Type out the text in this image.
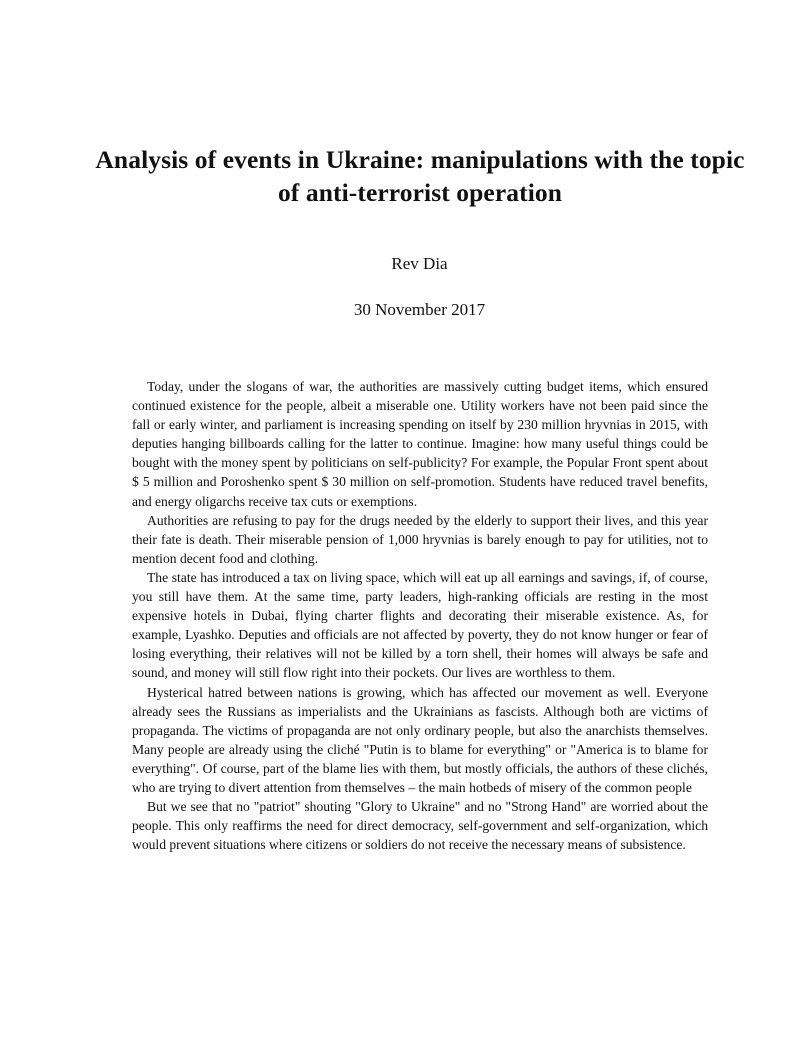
Analysis of events in Ukraine: manipulations with the topic of anti-terrorist operation
Rev Dia
30 November 2017

Today, under the slogans of war, the authorities are massively cutting budget items, which ensured continued existence for the people, albeit a miserable one. Utility workers have not been paid since the fall or early winter, and parliament is increasing spending on itself by 230 million hryvnias in 2015, with deputies hanging billboards calling for the latter to continue. Imagine: how many useful things could be bought with the money spent by politicians on self-publicity? For example, the Popular Front spent about $ 5 million and Poroshenko spent $ 30 million on self-promotion. Students have reduced travel benefits, and energy oligarchs receive tax cuts or exemptions.

Authorities are refusing to pay for the drugs needed by the elderly to support their lives, and this year their fate is death. Their miserable pension of 1,000 hryvnias is barely enough to pay for utilities, not to mention decent food and clothing.

The state has introduced a tax on living space, which will eat up all earnings and savings, if, of course, you still have them. At the same time, party leaders, high-ranking officials are resting in the most expensive hotels in Dubai, flying charter flights and decorating their miserable existence. As, for example, Lyashko. Deputies and officials are not affected by poverty, they do not know hunger or fear of losing everything, their relatives will not be killed by a torn shell, their homes will always be safe and sound, and money will still flow right into their pockets. Our lives are worthless to them.

Hysterical hatred between nations is growing, which has affected our movement as well. Everyone already sees the Russians as imperialists and the Ukrainians as fascists. Although both are victims of propaganda. The victims of propaganda are not only ordinary people, but also the anarchists themselves. Many people are already using the cliché "Putin is to blame for everything" or "America is to blame for everything". Of course, part of the blame lies with them, but mostly officials, the authors of these clichés, who are trying to divert attention from themselves – the main hotbeds of misery of the common people

But we see that no "patriot" shouting "Glory to Ukraine" and no "Strong Hand" are worried about the people. This only reaffirms the need for direct democracy, self-government and self-organization, which would prevent situations where citizens or soldiers do not receive the necessary means of subsistence.
